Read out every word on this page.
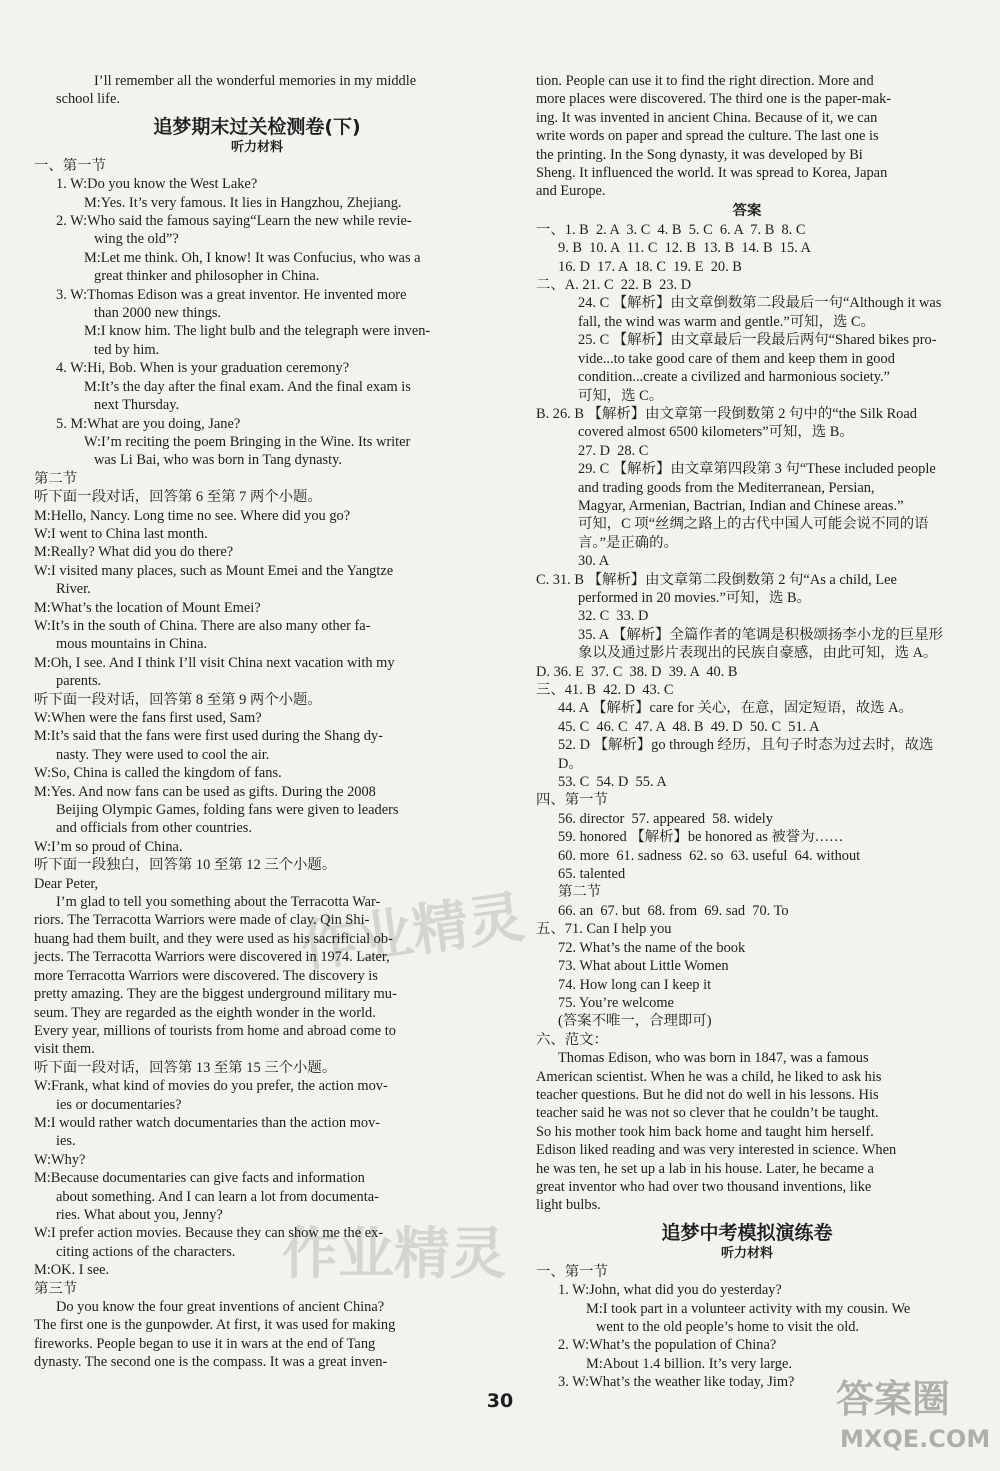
I’ll remember all the wonderful memories in my middle
school life.
追梦期末过关检测卷(下)
听力材料
一、第一节
1. W:Do you know the West Lake?
M:Yes. It’s very famous. It lies in Hangzhou, Zhejiang.
2. W:Who said the famous saying“Learn the new while revie-
wing the old”?
M:Let me think. Oh, I know! It was Confucius, who was a
great thinker and philosopher in China.
3. W:Thomas Edison was a great inventor. He invented more
than 2000 new things.
M:I know him. The light bulb and the telegraph were inven-
ted by him.
4. W:Hi, Bob. When is your graduation ceremony?
M:It’s the day after the final exam. And the final exam is
next Thursday.
5. M:What are you doing, Jane?
W:I’m reciting the poem Bringing in the Wine. Its writer
was Li Bai, who was born in Tang dynasty.
第二节
听下面一段对话，回答第 6 至第 7 两个小题。
M:Hello, Nancy. Long time no see. Where did you go?
W:I went to China last month.
M:Really? What did you do there?
W:I visited many places, such as Mount Emei and the Yangtze
River.
M:What’s the location of Mount Emei?
W:It’s in the south of China. There are also many other fa-
mous mountains in China.
M:Oh, I see. And I think I’ll visit China next vacation with my
parents.
听下面一段对话，回答第 8 至第 9 两个小题。
W:When were the fans first used, Sam?
M:It’s said that the fans were first used during the Shang dy-
nasty. They were used to cool the air.
W:So, China is called the kingdom of fans.
M:Yes. And now fans can be used as gifts. During the 2008
Beijing Olympic Games, folding fans were given to leaders
and officials from other countries.
W:I’m so proud of China.
听下面一段独白，回答第 10 至第 12 三个小题。
Dear Peter,
I’m glad to tell you something about the Terracotta War-
riors. The Terracotta Warriors were made of clay. Qin Shi-
huang had them built, and they were used as his sacrificial ob-
jects. The Terracotta Warriors were discovered in 1974. Later,
more Terracotta Warriors were discovered. The discovery is
pretty amazing. They are the biggest underground military mu-
seum. They are regarded as the eighth wonder in the world.
Every year, millions of tourists from home and abroad come to
visit them.
听下面一段对话，回答第 13 至第 15 三个小题。
W:Frank, what kind of movies do you prefer, the action mov-
ies or documentaries?
M:I would rather watch documentaries than the action mov-
ies.
W:Why?
M:Because documentaries can give facts and information
about something. And I can learn a lot from documenta-
ries. What about you, Jenny?
W:I prefer action movies. Because they can show me the ex-
citing actions of the characters.
M:OK. I see.
第三节
Do you know the four great inventions of ancient China?
The first one is the gunpowder. At first, it was used for making
fireworks. People began to use it in wars at the end of Tang
dynasty. The second one is the compass. It was a great inven-
tion. People can use it to find the right direction. More and
more places were discovered. The third one is the paper-mak-
ing. It was invented in ancient China. Because of it, we can
write words on paper and spread the culture. The last one is
the printing. In the Song dynasty, it was developed by Bi
Sheng. It influenced the world. It was spread to Korea, Japan
and Europe.
答案
一、1. B  2. A  3. C  4. B  5. C  6. A  7. B  8. C
9. B  10. A  11. C  12. B  13. B  14. B  15. A
16. D  17. A  18. C  19. E  20. B
二、A. 21. C  22. B  23. D
24. C 【解析】由文章倒数第二段最后一句“Although it was
fall, the wind was warm and gentle.”可知，选 C。
25. C 【解析】由文章最后一段最后两句“Shared bikes pro-
vide...to take good care of them and keep them in good
condition...create a civilized and harmonious society.”
可知，选 C。
B. 26. B 【解析】由文章第一段倒数第 2 句中的“the Silk Road
covered almost 6500 kilometers”可知，选 B。
27. D  28. C
29. C 【解析】由文章第四段第 3 句“These included people
and trading goods from the Mediterranean, Persian,
Magyar, Armenian, Bactrian, Indian and Chinese areas.”
可知，C 项“丝绸之路上的古代中国人可能会说不同的语
言。”是正确的。
30. A
C. 31. B 【解析】由文章第二段倒数第 2 句“As a child, Lee
performed in 20 movies.”可知，选 B。
32. C  33. D
35. A 【解析】全篇作者的笔调是积极颂扬李小龙的巨星形
象以及通过影片表现出的民族自豪感，由此可知，选 A。
D. 36. E  37. C  38. D  39. A  40. B
三、41. B  42. D  43. C
44. A 【解析】care for 关心，在意，固定短语，故选 A。
45. C  46. C  47. A  48. B  49. D  50. C  51. A
52. D 【解析】go through 经历，且句子时态为过去时，故选 D。
53. C  54. D  55. A
四、第一节
56. director  57. appeared  58. widely
59. honored 【解析】be honored as 被誉为……
60. more  61. sadness  62. so  63. useful  64. without
65. talented
第二节
66. an  67. but  68. from  69. sad  70. To
五、71. Can I help you
72. What’s the name of the book
73. What about Little Women
74. How long can I keep it
75. You’re welcome
(答案不唯一，合理即可)
六、范文：
Thomas Edison, who was born in 1847, was a famous
American scientist. When he was a child, he liked to ask his
teacher questions. But he did not do well in his lessons. His
teacher said he was not so clever that he couldn’t be taught.
So his mother took him back home and taught him herself.
Edison liked reading and was very interested in science. When
he was ten, he set up a lab in his house. Later, he became a
great inventor who had over two thousand inventions, like
light bulbs.
追梦中考模拟演练卷
听力材料
一、第一节
1. W:John, what did you do yesterday?
M:I took part in a volunteer activity with my cousin. We
went to the old people’s home to visit the old.
2. W:What’s the population of China?
M:About 1.4 billion. It’s very large.
3. W:What’s the weather like today, Jim?
30
作业精灵
作业精灵
答案圈
MXQE.COM
